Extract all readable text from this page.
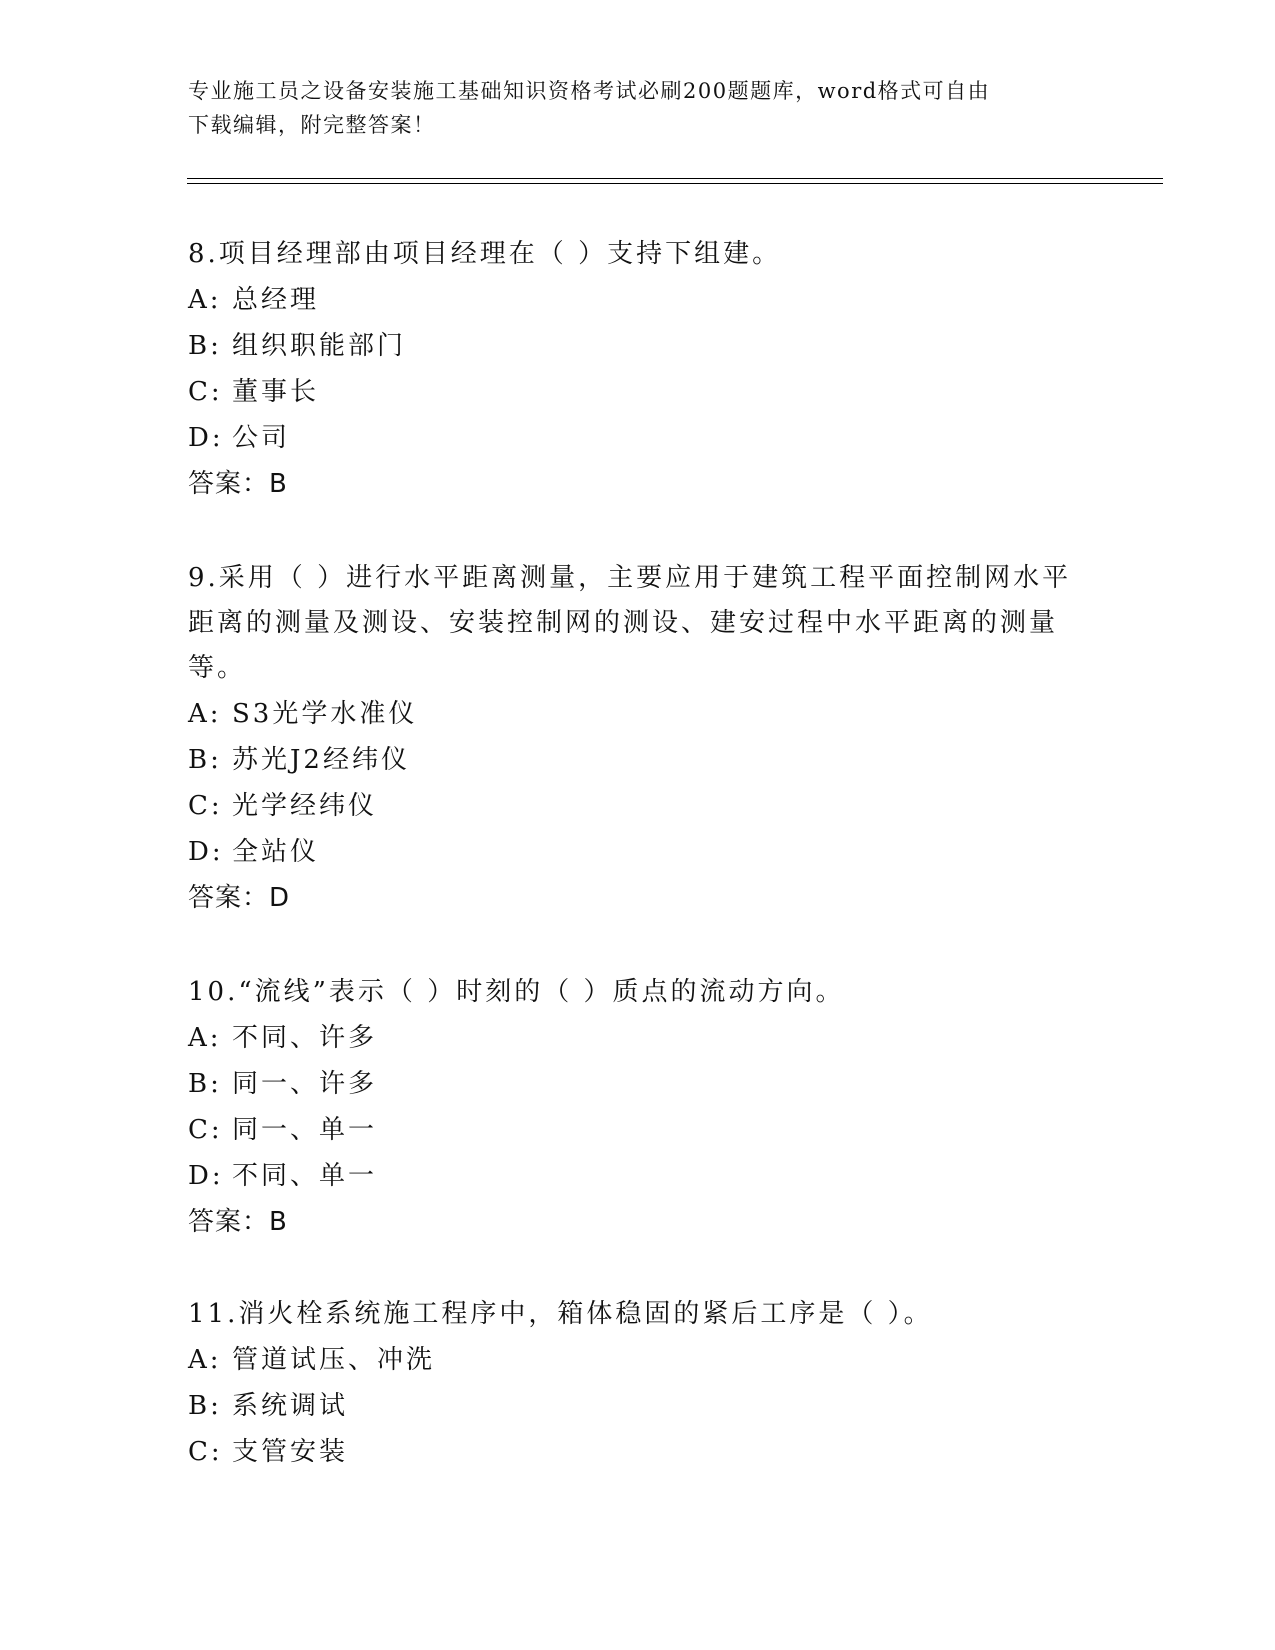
专业施工员之设备安装施工基础知识资格考试必刷200题题库，word格式可自由
下载编辑，附完整答案！
8.项目经理部由项目经理在（ ）支持下组建。
A: 总经理
B: 组织职能部门
C: 董事长
D: 公司
答案：B
9.采用（ ）进行水平距离测量，主要应用于建筑工程平面控制网水平距离的测量及测设、安装控制网的测设、建安过程中水平距离的测量等。
A: S3光学水准仪
B: 苏光J2经纬仪
C: 光学经纬仪
D: 全站仪
答案：D
10.“流线”表示（ ）时刻的（ ）质点的流动方向。
A: 不同、许多
B: 同一、许多
C: 同一、单一
D: 不同、单一
答案：B
11.消火栓系统施工程序中，箱体稳固的紧后工序是（ ）。
A: 管道试压、冲洗
B: 系统调试
C: 支管安装
